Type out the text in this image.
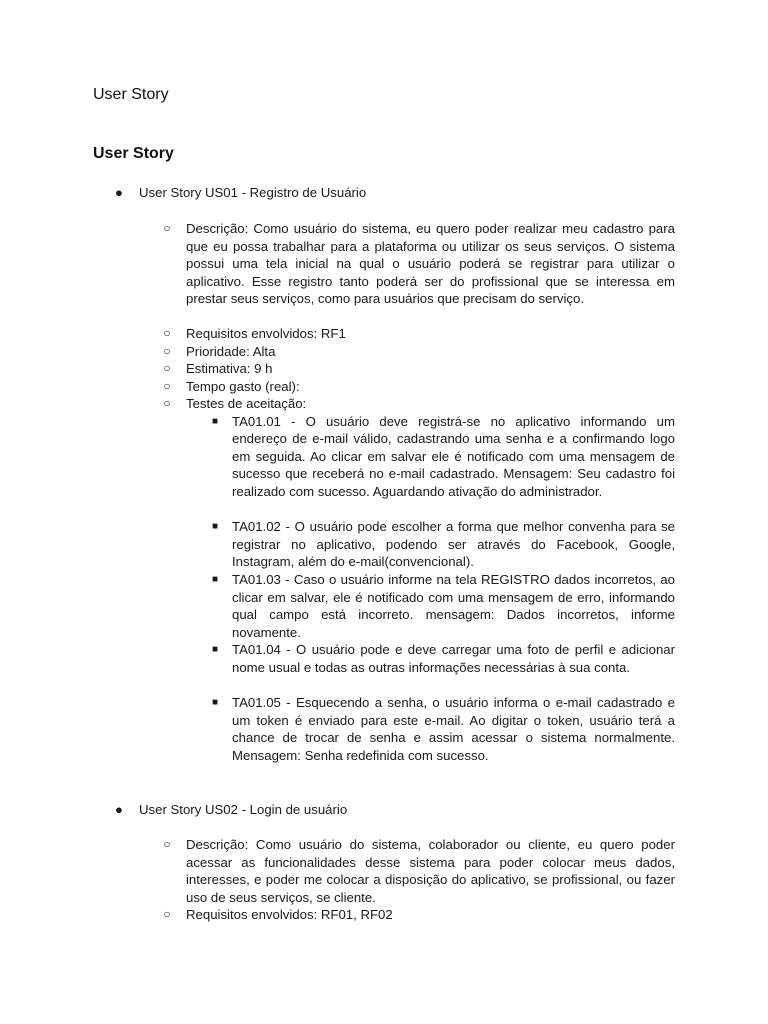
User Story
User Story
● User Story US01 - Registro de Usuário
○ Descrição: Como usuário do sistema, eu quero poder realizar meu cadastro para que eu possa trabalhar para a plataforma ou utilizar os seus serviços. O sistema possui uma tela inicial na qual o usuário poderá se registrar para utilizar o aplicativo. Esse registro tanto poderá ser do profissional que se interessa em prestar seus serviços, como para usuários que precisam do serviço.
○ Requisitos envolvidos: RF1
○ Prioridade: Alta
○ Estimativa: 9 h
○ Tempo gasto (real):
○ Testes de aceitação:
■	TA01.01 - O usuário deve registrá-se no aplicativo informando um endereço de e-mail válido, cadastrando uma senha e a confirmando logo em seguida. Ao clicar em salvar ele é notificado com uma mensagem de sucesso que receberá no e-mail cadastrado. Mensagem: Seu cadastro foi realizado com sucesso. Aguardando ativação do administrador.
■	TA01.02 - O usuário pode escolher a forma que melhor convenha para se registrar no aplicativo, podendo ser através do Facebook, Google, Instagram, além do e-mail(convencional).
■	TA01.03 - Caso o usuário informe na tela REGISTRO dados incorretos, ao clicar em salvar, ele é notificado com uma mensagem de erro, informando qual campo está incorreto. mensagem: Dados incorretos, informe novamente.
■	TA01.04 - O usuário pode e deve carregar uma foto de perfil e adicionar nome usual e todas as outras informações necessárias à sua conta.
■	TA01.05 - Esquecendo a senha, o usuário informa o e-mail cadastrado e um token é enviado para este e-mail. Ao digitar o token, usuário terá a chance de trocar de senha e assim acessar o sistema normalmente. Mensagem: Senha redefinida com sucesso.
● User Story US02 - Login de usuário
○ Descrição: Como usuário do sistema, colaborador ou cliente, eu quero poder acessar as funcionalidades desse sistema para poder colocar meus dados, interesses, e poder me colocar a disposição do aplicativo, se profissional, ou fazer uso de seus serviços, se cliente.
○ Requisitos envolvidos: RF01, RF02
